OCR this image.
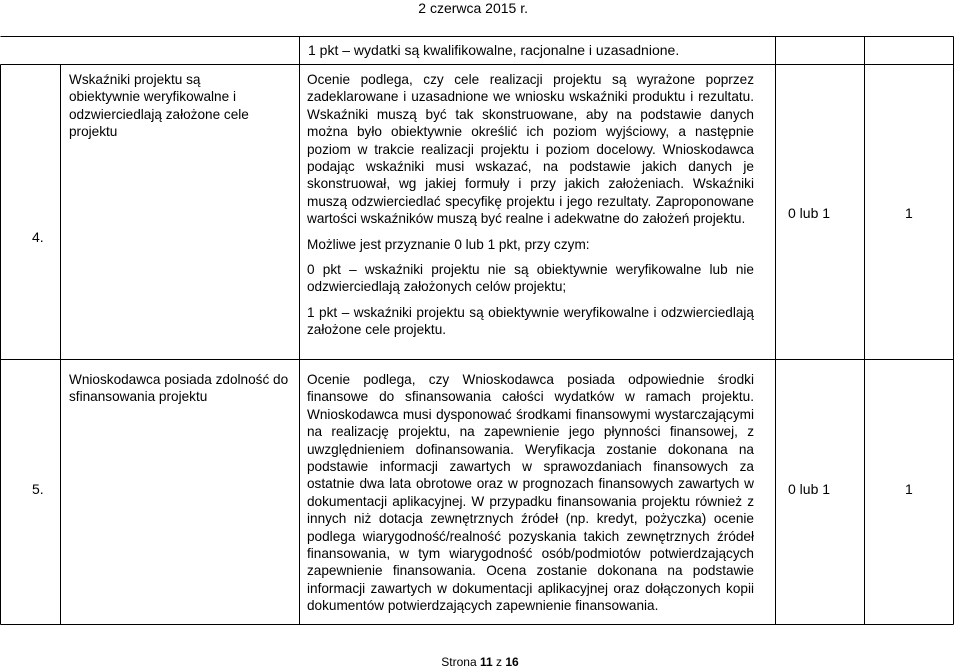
2 czerwca 2015 r.
1 pkt – wydatki są kwalifikowalne, racjonalne i uzasadnione.
4.
Wskaźniki projektu są obiektywnie weryfikowalne i odzwierciedlają założone cele projektu

Ocenie podlega, czy cele realizacji projektu są wyrażone poprzez zadeklarowane i uzasadnione we wniosku wskaźniki produktu i rezultatu. Wskaźniki muszą być tak skonstruowane, aby na podstawie danych można było obiektywnie określić ich poziom wyjściowy, a następnie poziom w trakcie realizacji projektu i poziom docelowy. Wnioskodawca podając wskaźniki musi wskazać, na podstawie jakich danych je skonstruował, wg jakiej formuły i przy jakich założeniach. Wskaźniki muszą odzwierciedlać specyfikę projektu i jego rezultaty. Zaproponowane wartości wskaźników muszą być realne i adekwatne do założeń projektu.

Możliwe jest przyznanie 0 lub 1 pkt, przy czym:

0 pkt – wskaźniki projektu nie są obiektywnie weryfikowalne lub nie odzwierciedlają założonych celów projektu;

1 pkt – wskaźniki projektu są obiektywnie weryfikowalne i odzwierciedlają założone cele projektu.

0 lub 1	1
5.
Wnioskodawca posiada zdolność do sfinansowania projektu
Ocenie podlega, czy Wnioskodawca posiada odpowiednie środki finansowe do sfinansowania całości wydatków w ramach projektu. Wnioskodawca musi dysponować środkami finansowymi wystarczającymi na realizację projektu, na zapewnienie jego płynności finansowej, z uwzględnieniem dofinansowania. Weryfikacja zostanie dokonana na podstawie informacji zawartych w sprawozdaniach finansowych za ostatnie dwa lata obrotowe oraz w prognozach finansowych zawartych w dokumentacji aplikacyjnej. W przypadku finansowania projektu również z innych niż dotacja zewnętrznych źródeł (np. kredyt, pożyczka) ocenie podlega wiarygodność/realność pozyskania takich zewnętrznych źródeł finansowania, w tym wiarygodność osób/podmiotów potwierdzających zapewnienie finansowania. Ocena zostanie dokonana na podstawie informacji zawartych w dokumentacji aplikacyjnej oraz dołączonych kopii dokumentów potwierdzających zapewnienie finansowania.
0 lub 1	1
Strona 11 z 16
